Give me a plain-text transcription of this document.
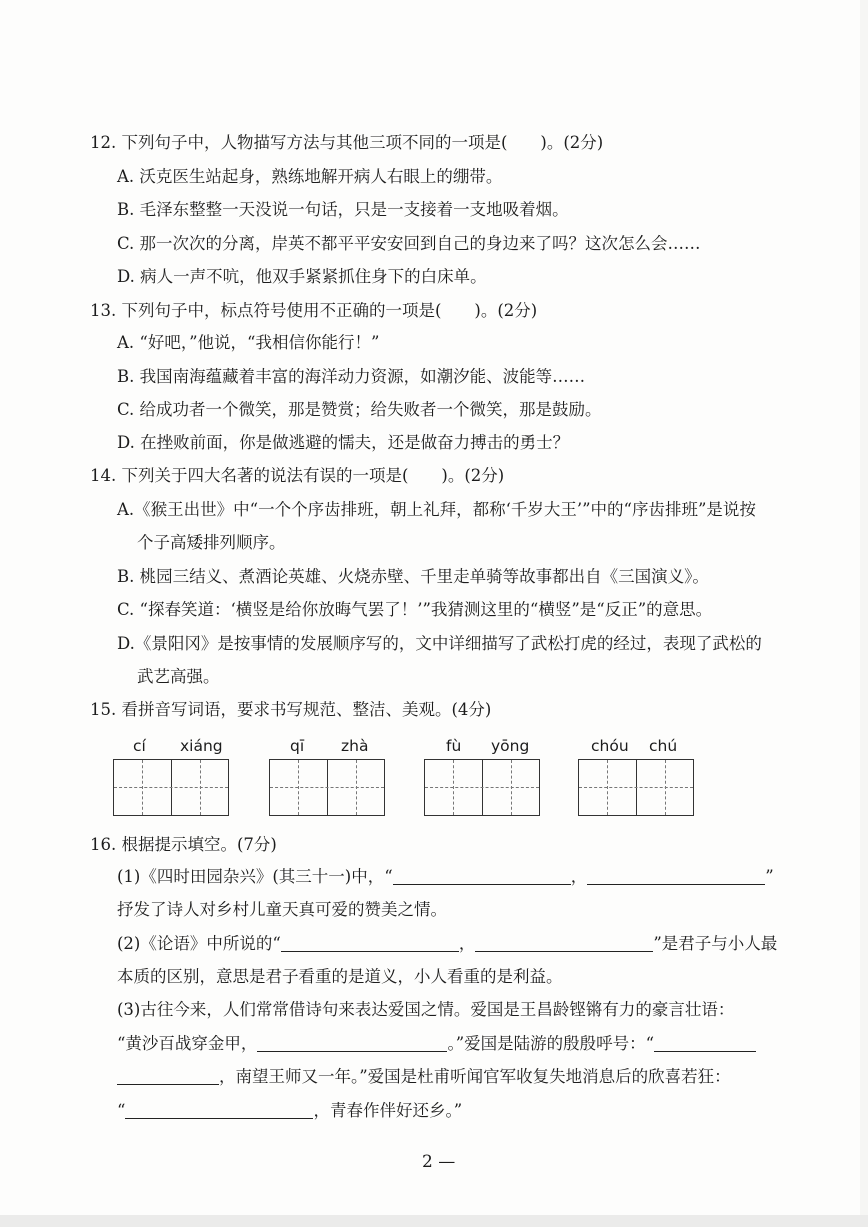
12. 下列句子中，人物描写方法与其他三项不同的一项是(　　)。(2分)
A. 沃克医生站起身，熟练地解开病人右眼上的绷带。
B. 毛泽东整整一天没说一句话，只是一支接着一支地吸着烟。
C. 那一次次的分离，岸英不都平平安安回到自己的身边来了吗？这次怎么会……
D. 病人一声不吭，他双手紧紧抓住身下的白床单。
13. 下列句子中，标点符号使用不正确的一项是(　　)。(2分)
A. “好吧，”他说，“我相信你能行！”
B. 我国南海蕴藏着丰富的海洋动力资源，如潮汐能、波能等……
C. 给成功者一个微笑，那是赞赏；给失败者一个微笑，那是鼓励。
D. 在挫败前面，你是做逃避的懦夫，还是做奋力搏击的勇士？
14. 下列关于四大名著的说法有误的一项是(　　)。(2分)
A.《猴王出世》中“一个个序齿排班，朝上礼拜，都称‘千岁大王’”中的“序齿排班”是说按
个子高矮排列顺序。
B. 桃园三结义、煮酒论英雄、火烧赤壁、千里走单骑等故事都出自《三国演义》。
C. “探春笑道：‘横竖是给你放晦气罢了！’”我猜测这里的“横竖”是“反正”的意思。
D.《景阳冈》是按事情的发展顺序写的，文中详细描写了武松打虎的经过，表现了武松的
武艺高强。
15. 看拼音写词语，要求书写规范、整洁、美观。(4分)
cí xiáng	qī zhà	fù yōng	chóu chú
16. 根据提示填空。(7分)
(1)《四时田园杂兴》(其三十一)中，“	，	”
抒发了诗人对乡村儿童天真可爱的赞美之情。
(2)《论语》中所说的“	，	”是君子与小人最
本质的区别，意思是君子看重的是道义，小人看重的是利益。
(3)古往今来，人们常常借诗句来表达爱国之情。爱国是王昌龄铿锵有力的豪言壮语：
“黄沙百战穿金甲，	。”爱国是陆游的殷殷呼号：“
，南望王师又一年。”爱国是杜甫听闻官军收复失地消息后的欣喜若狂：
“	，青春作伴好还乡。”
2 —
